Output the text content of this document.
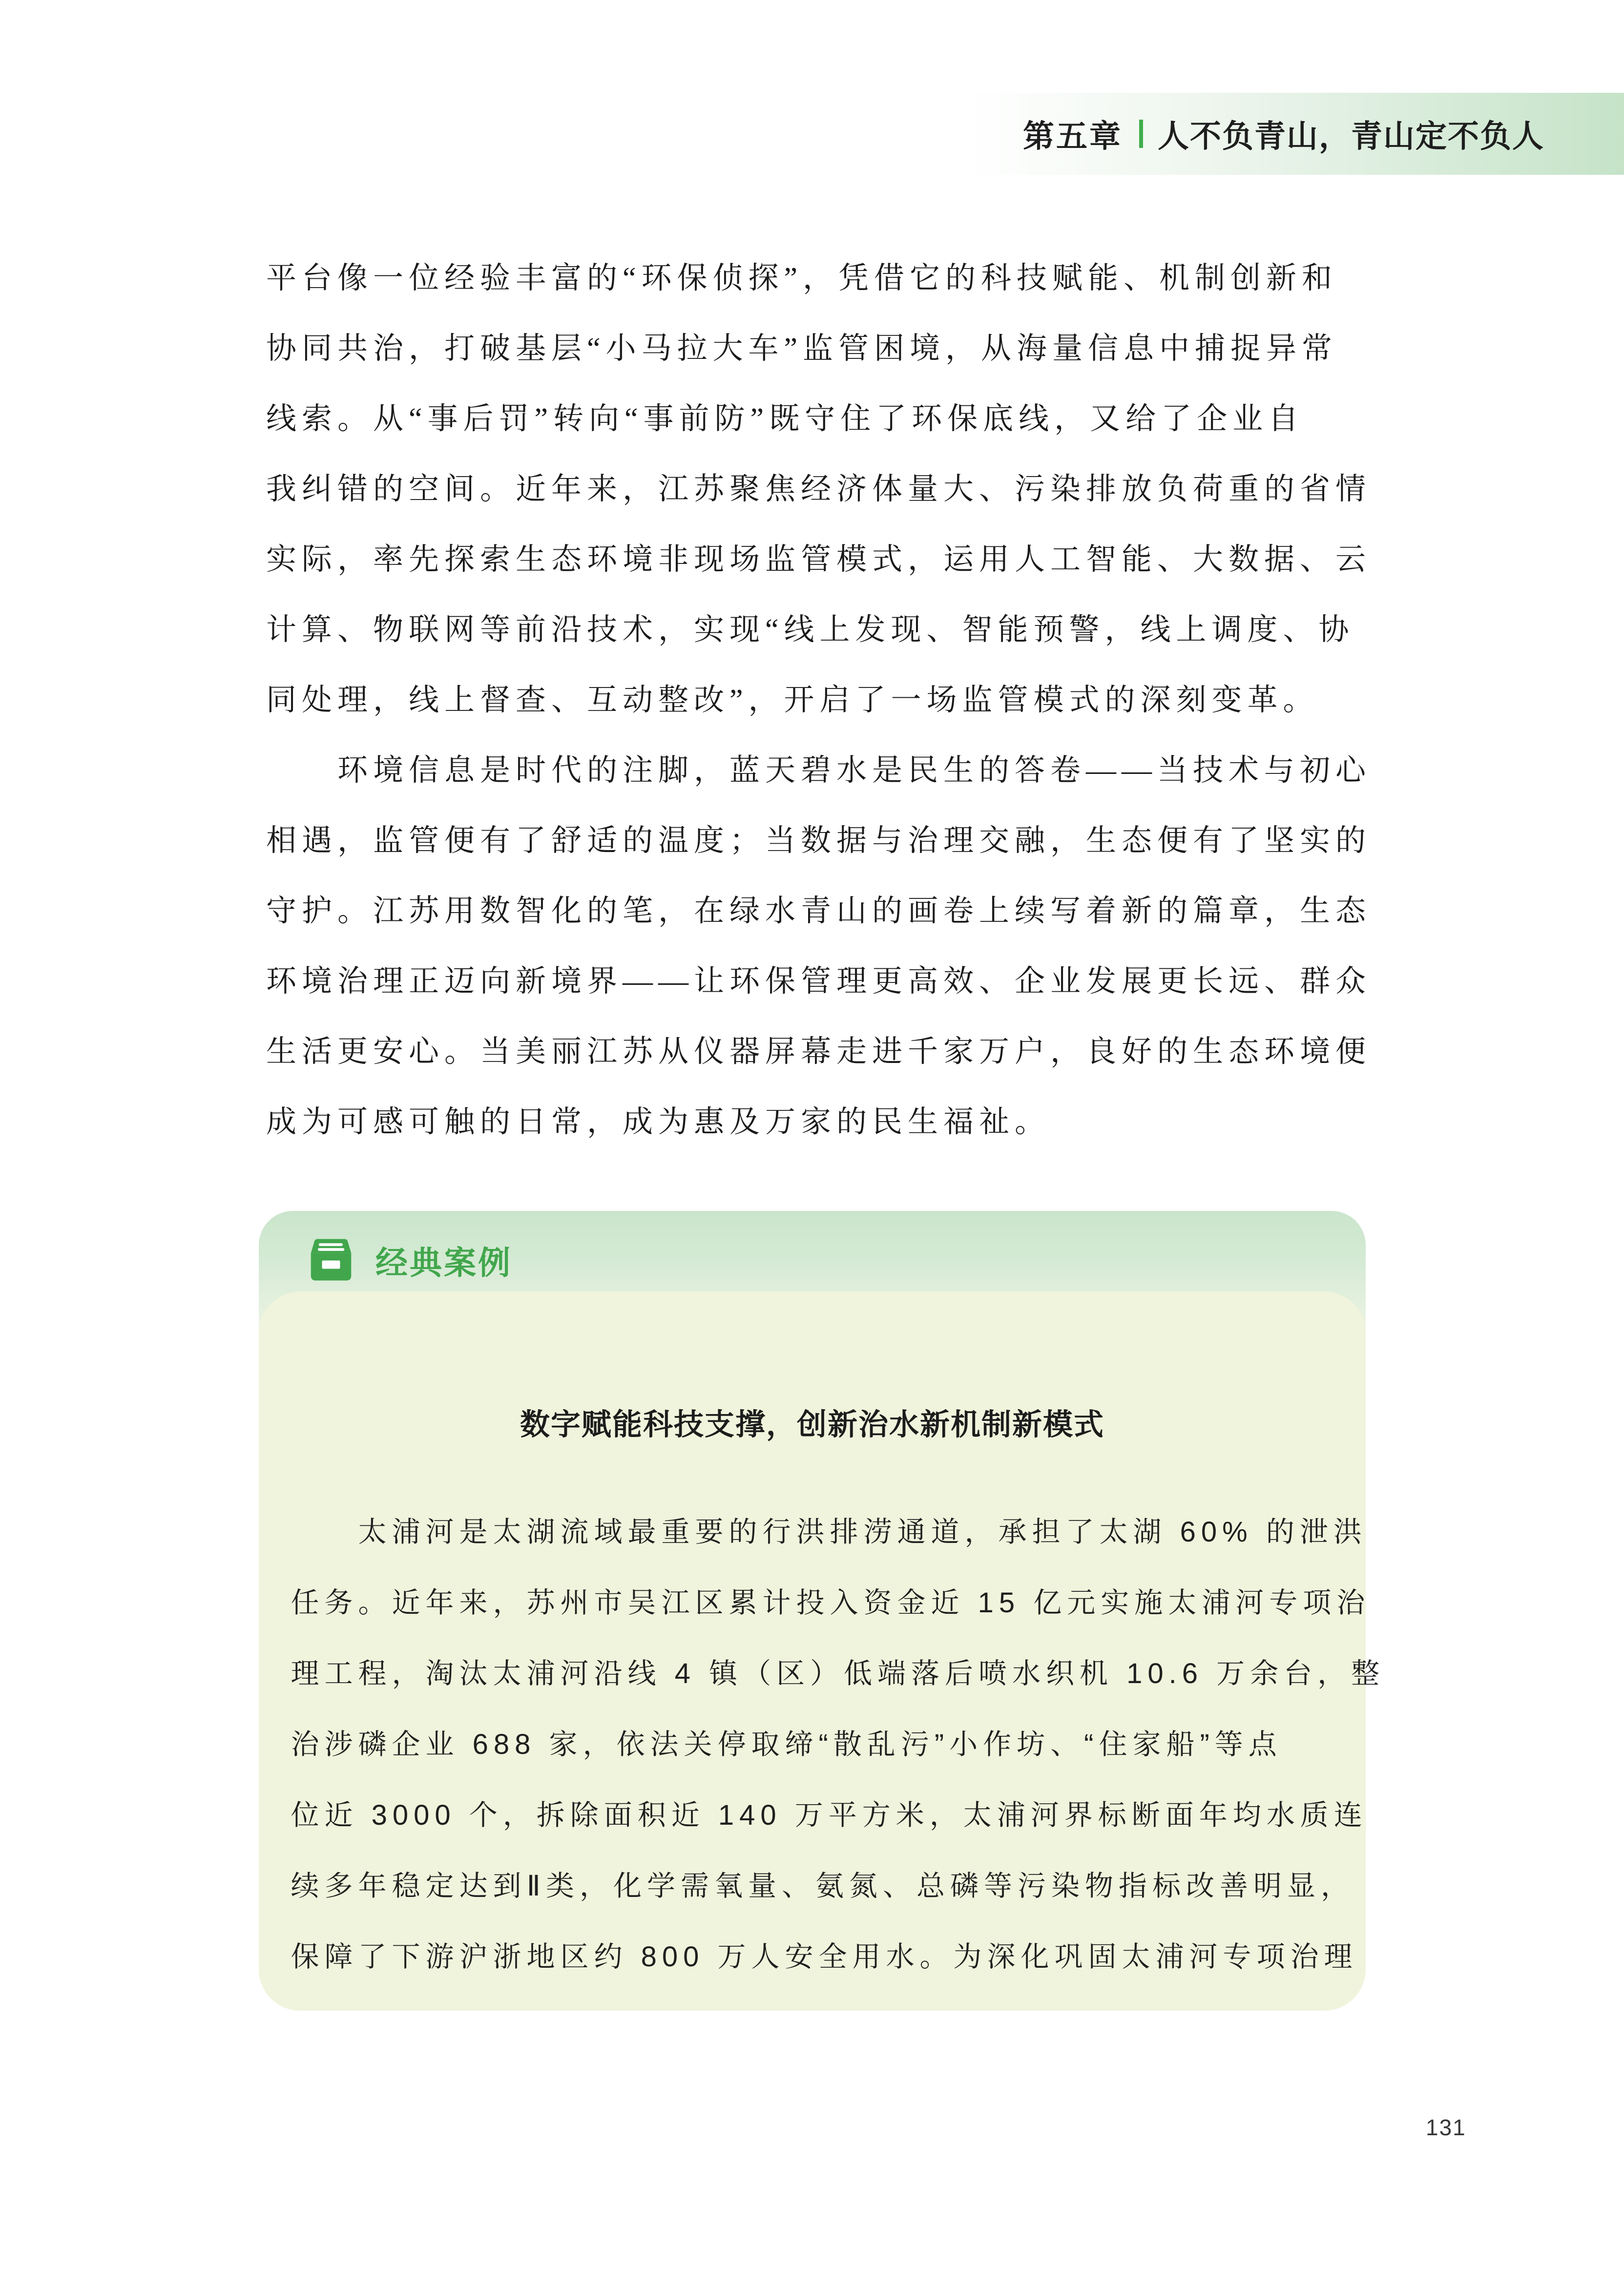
第五章 人不负青山，青山定不负人
平台像一位经验丰富的“环保侦探”，凭借它的科技赋能、机制创新和
协同共治，打破基层“小马拉大车”监管困境，从海量信息中捕捉异常
线索。从“事后罚”转向“事前防”既守住了环保底线，又给了企业自
我纠错的空间。近年来，江苏聚焦经济体量大、污染排放负荷重的省情
实际，率先探索生态环境非现场监管模式，运用人工智能、大数据、云
计算、物联网等前沿技术，实现“线上发现、智能预警，线上调度、协
同处理，线上督查、互动整改”，开启了一场监管模式的深刻变革。
　　环境信息是时代的注脚，蓝天碧水是民生的答卷——当技术与初心
相遇，监管便有了舒适的温度；当数据与治理交融，生态便有了坚实的
守护。江苏用数智化的笔，在绿水青山的画卷上续写着新的篇章，生态
环境治理正迈向新境界——让环保管理更高效、企业发展更长远、群众
生活更安心。当美丽江苏从仪器屏幕走进千家万户，良好的生态环境便
成为可感可触的日常，成为惠及万家的民生福祉。
经典案例
数字赋能科技支撑，创新治水新机制新模式
　　太浦河是太湖流域最重要的行洪排涝通道，承担了太湖 60% 的泄洪
任务。近年来，苏州市吴江区累计投入资金近 15 亿元实施太浦河专项治
理工程，淘汰太浦河沿线 4 镇（区）低端落后喷水织机 10.6 万余台，整
治涉磷企业 688 家，依法关停取缔“散乱污”小作坊、“住家船”等点
位近 3000 个，拆除面积近 140 万平方米，太浦河界标断面年均水质连
续多年稳定达到Ⅱ类，化学需氧量、氨氮、总磷等污染物指标改善明显，
保障了下游沪浙地区约 800 万人安全用水。为深化巩固太浦河专项治理
131
